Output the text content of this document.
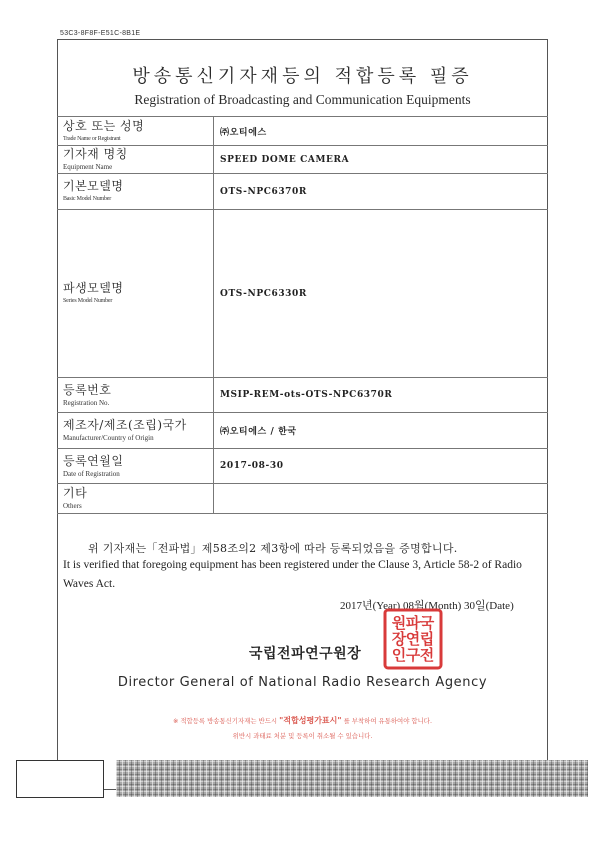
53C3-8F8F-E51C-8B1E
방송통신기자재등의 적합등록 필증
Registration of Broadcasting and Communication Equipments
상호 또는 성명
Trade Name or Registrant	㈜오티에스

기자재 명칭
Equipment Name	SPEED DOME CAMERA

기본모델명
Basic Model Number	OTS-NPC6370R

파생모델명
Series Model Number	OTS-NPC6330R

등록번호
Registration No.	MSIP-REM-ots-OTS-NPC6370R

제조자/제조(조립)국가
Manufacturer/Country of Origin	㈜오티에스 / 한국

등록연월일
Date of Registration	2017-08-30

기타
Others	

위 기자재는「전파법」제58조의2 제3항에 따라 등록되었음을 증명합니다.
It is verified that foregoing equipment has been registered under the Clause 3, Article 58-2 of Radio Waves Act.
2017년(Year) 08월(Month) 30일(Date)
국립전파연구원장
국
립
전
파
연
구
원
장
인
Director General of National Radio Research Agency
※ 적합등록 방송통신기자재는 반드시 "적합성평가표시" 를 부착하여 유통하여야 합니다.
위반시 과태료 처분 및 등록이 취소될 수 있습니다.
